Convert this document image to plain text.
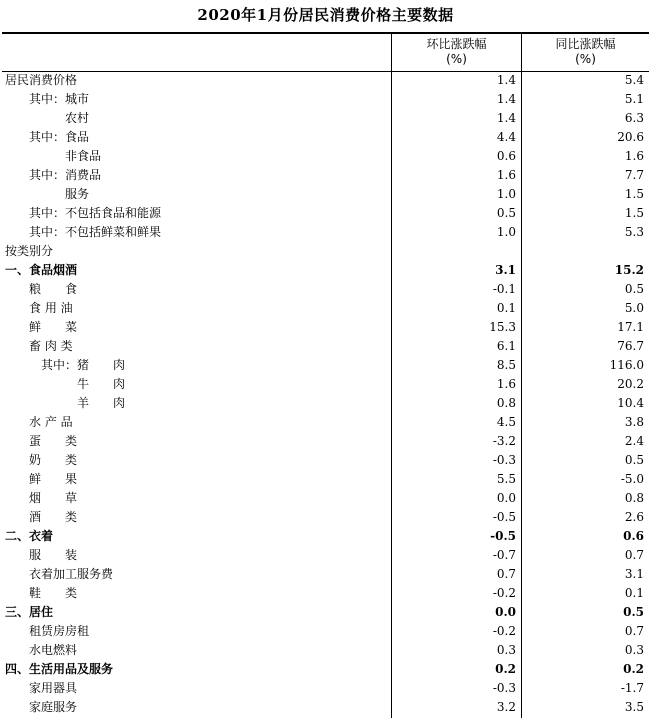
2020年1月份居民消费价格主要数据
环比涨跌幅
(%)
同比涨跌幅
(%)
居民消费价格	1.4	5.4
其中：城市	1.4	5.1
农村	1.4	6.3
其中：食品	4.4	20.6
非食品	0.6	1.6
其中：消费品	1.6	7.7
服务	1.0	1.5
其中：不包括食品和能源	0.5	1.5
其中：不包括鲜菜和鲜果	1.0	5.3
按类别分
一、食品烟酒	3.1	15.2
粮　　食	-0.1	0.5
食 用 油	0.1	5.0
鲜　　菜	15.3	17.1
畜 肉 类	6.1	76.7
其中：猪　　肉	8.5	116.0
牛　　肉	1.6	20.2
羊　　肉	0.8	10.4
水 产 品	4.5	3.8
蛋　　类	-3.2	2.4
奶　　类	-0.3	0.5
鲜　　果	5.5	-5.0
烟　　草	0.0	0.8
酒　　类	-0.5	2.6
二、衣着	-0.5	0.6
服　　装	-0.7	0.7
衣着加工服务费	0.7	3.1
鞋　　类	-0.2	0.1
三、居住	0.0	0.5
租赁房房租	-0.2	0.7
水电燃料	0.3	0.3
四、生活用品及服务	0.2	0.2
家用器具	-0.3	-1.7
家庭服务	3.2	3.5
